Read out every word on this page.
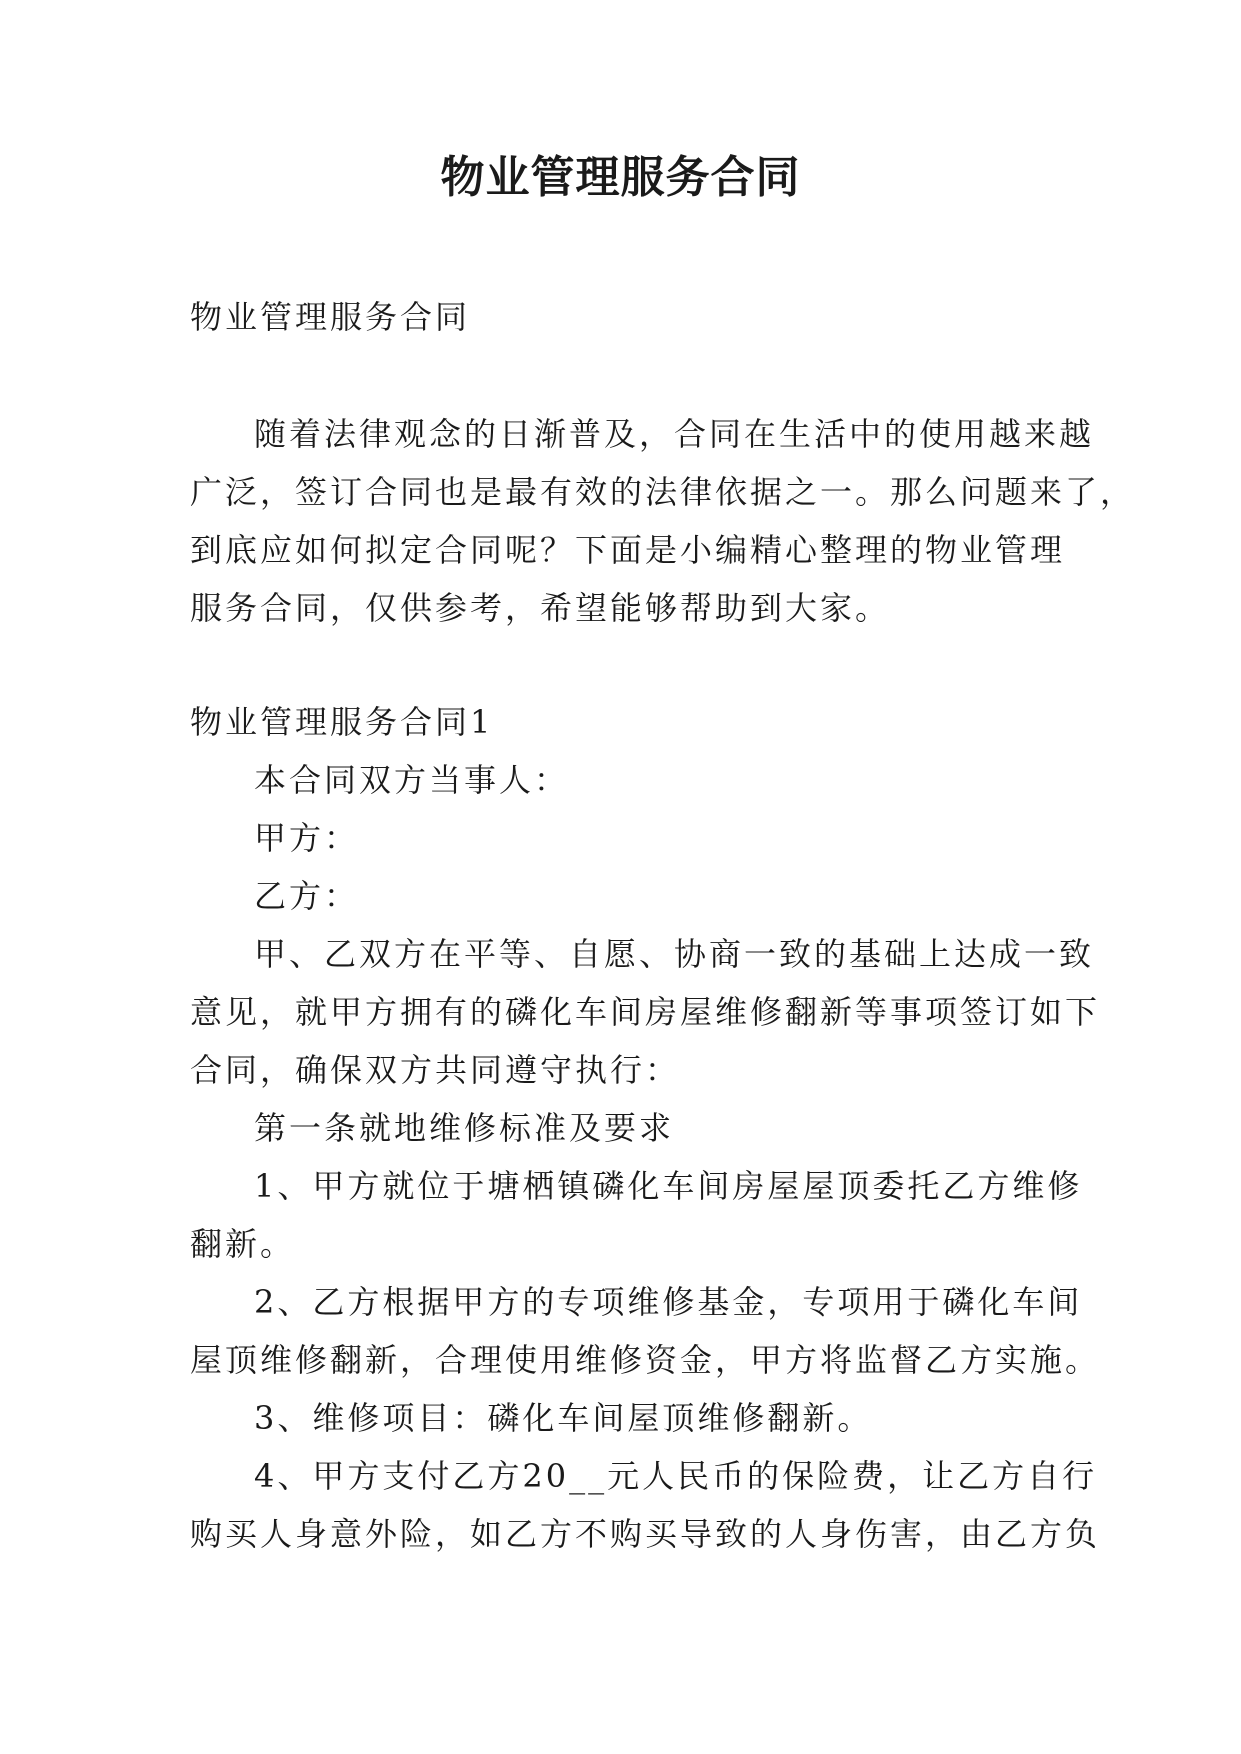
物业管理服务合同

物业管理服务合同

随着法律观念的日渐普及，合同在生活中的使用越来越

广泛，签订合同也是最有效的法律依据之一。那么问题来了，

到底应如何拟定合同呢？下面是小编精心整理的物业管理

服务合同，仅供参考，希望能够帮助到大家。

物业管理服务合同1

本合同双方当事人：

甲方：

乙方：

甲、乙双方在平等、自愿、协商一致的基础上达成一致

意见，就甲方拥有的磷化车间房屋维修翻新等事项签订如下

合同，确保双方共同遵守执行：

第一条就地维修标准及要求

1、甲方就位于塘栖镇磷化车间房屋屋顶委托乙方维修

翻新。

2、乙方根据甲方的专项维修基金，专项用于磷化车间

屋顶维修翻新，合理使用维修资金，甲方将监督乙方实施。

3、维修项目：磷化车间屋顶维修翻新。

4、甲方支付乙方20__元人民币的保险费，让乙方自行

购买人身意外险，如乙方不购买导致的人身伤害，由乙方负
